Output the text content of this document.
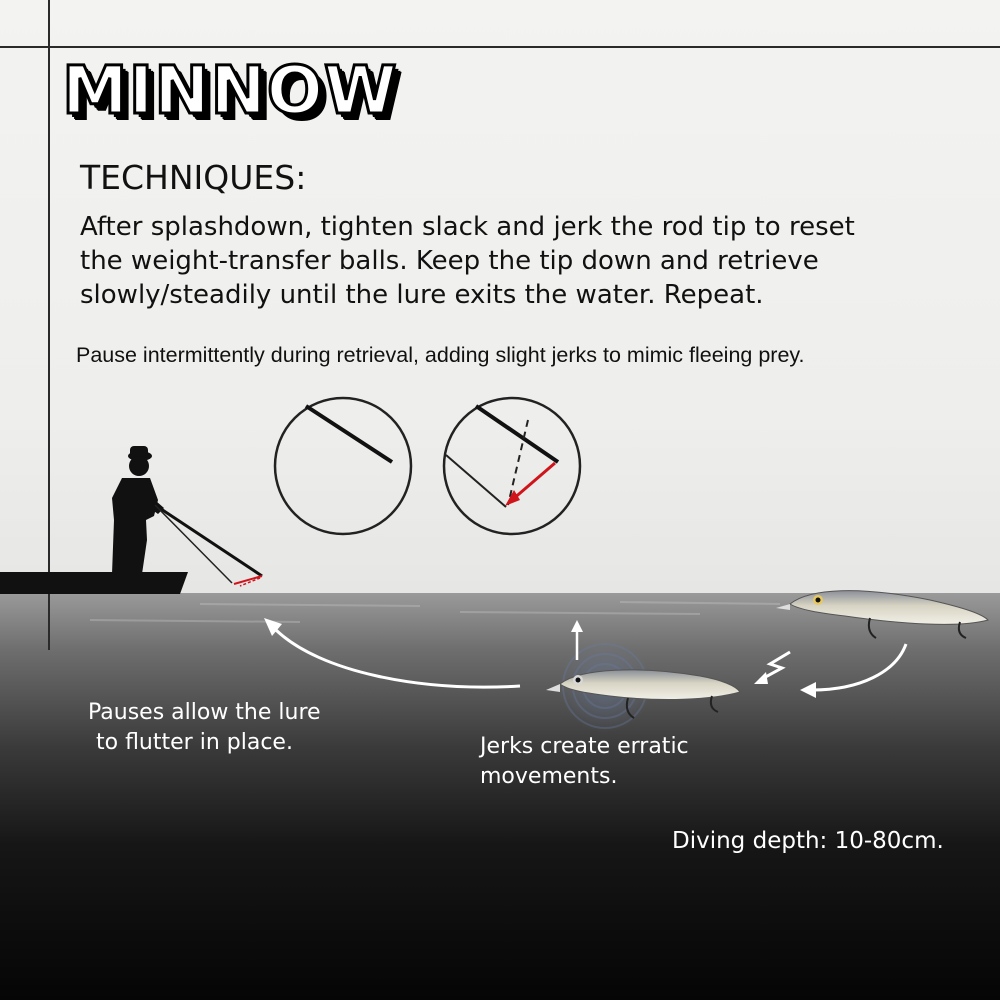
MINNOW
TECHNIQUES:

After splashdown, tighten slack and jerk the rod tip to reset
the weight-transfer balls. Keep the tip down and retrieve
slowly/steadily until the lure exits the water. Repeat.

Pause intermittently during retrieval, adding slight jerks to mimic fleeing prey.
Pauses allow the lure
to flutter in place.	Jerks create erratic
movements.
Diving depth: 10-80cm.
